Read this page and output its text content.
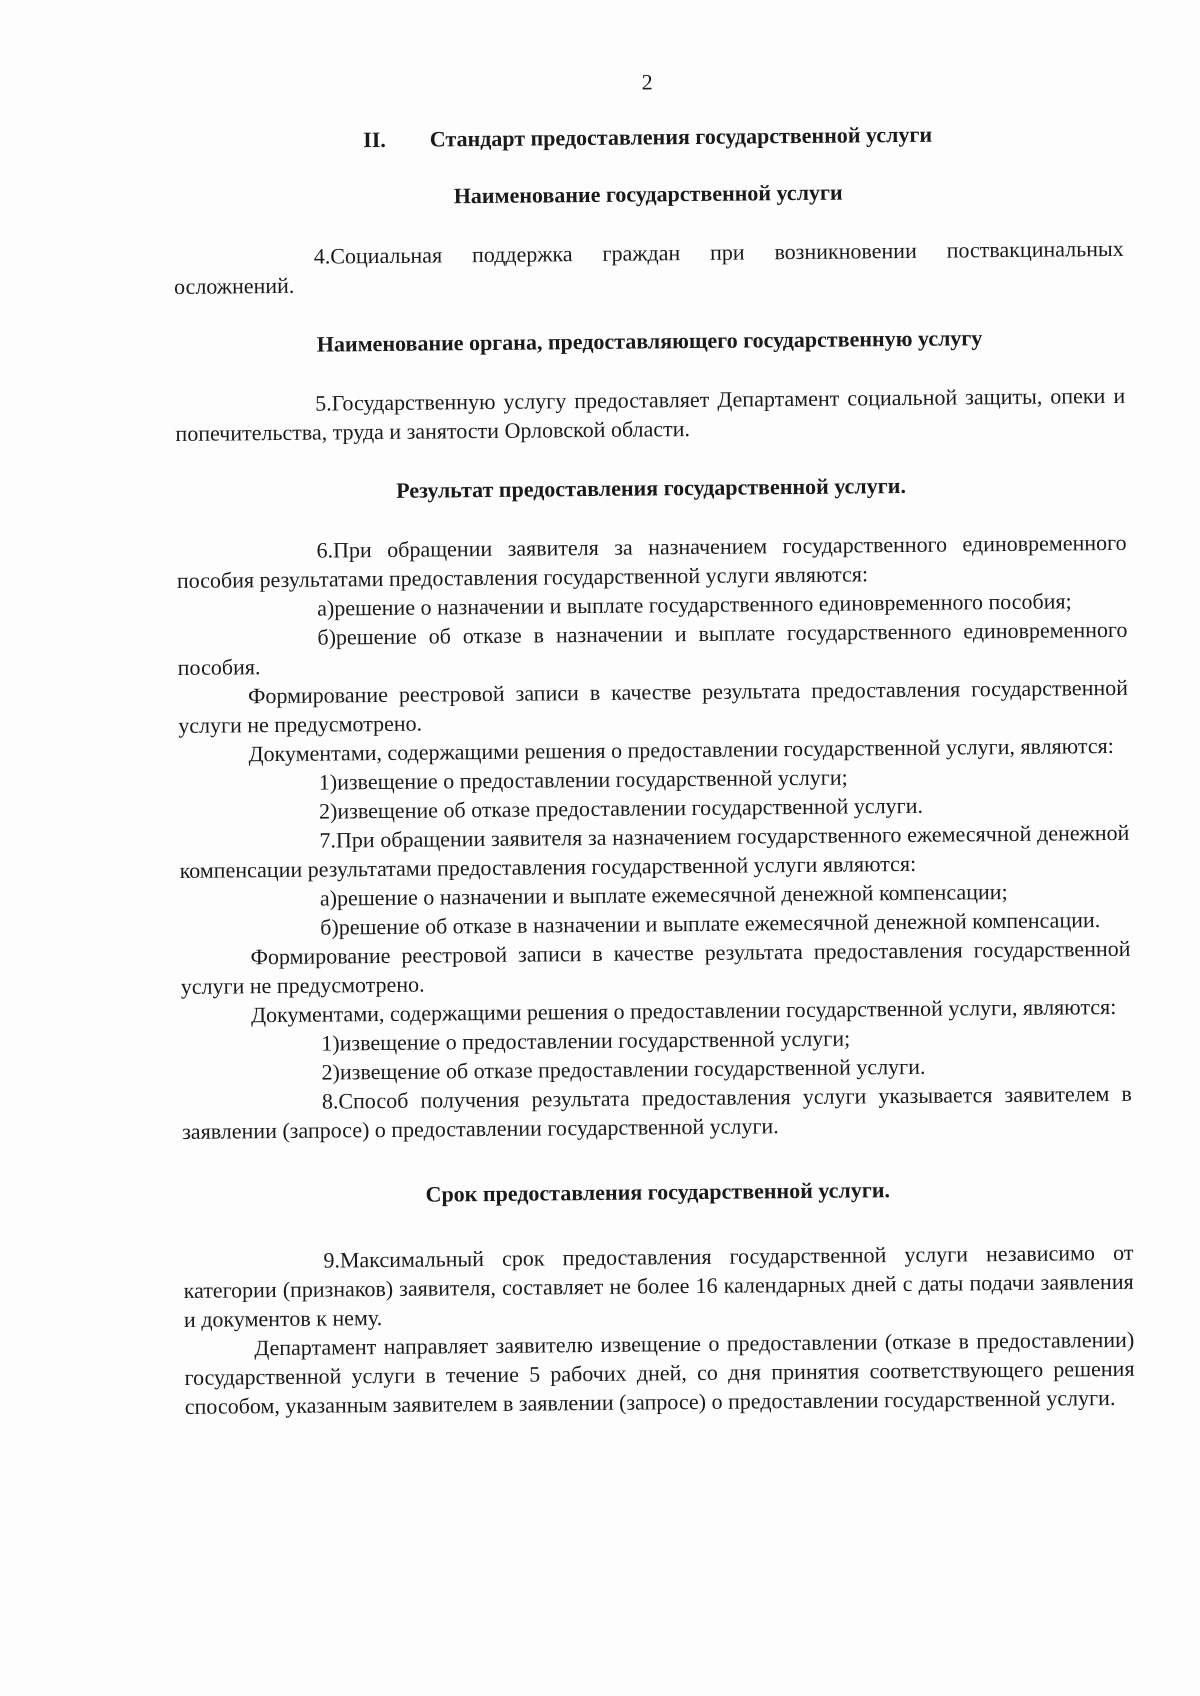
2
II. Стандарт предоставления государственной услуги
Наименование государственной услуги

4.Социальная поддержка граждан при возникновении поствакцинальных осложнений.

Наименование органа, предоставляющего государственную услугу

5.Государственную услугу предоставляет Департамент социальной защиты, опеки и попечительства, труда и занятости Орловской области.

Результат предоставления государственной услуги.

6.При обращении заявителя за назначением государственного единовременного пособия результатами предоставления государственной услуги являются:

а)решение о назначении и выплате государственного единовременного пособия;

б)решение об отказе в назначении и выплате государственного единовременного пособия.

Формирование реестровой записи в качестве результата предоставления государственной услуги не предусмотрено.

Документами, содержащими решения о предоставлении государственной услуги, являются:

1)извещение о предоставлении государственной услуги;

2)извещение об отказе предоставлении государственной услуги.

7.При обращении заявителя за назначением государственного ежемесячной денежной компенсации результатами предоставления государственной услуги являются:

а)решение о назначении и выплате ежемесячной денежной компенсации;

б)решение об отказе в назначении и выплате ежемесячной денежной компенсации.

Формирование реестровой записи в качестве результата предоставления государственной услуги не предусмотрено.

Документами, содержащими решения о предоставлении государственной услуги, являются:

1)извещение о предоставлении государственной услуги;

2)извещение об отказе предоставлении государственной услуги.

8.Способ получения результата предоставления услуги указывается заявителем в заявлении (запросе) о предоставлении государственной услуги.

Срок предоставления государственной услуги.

9.Максимальный срок предоставления государственной услуги независимо от категории (признаков) заявителя, составляет не более 16 календарных дней с даты подачи заявления и документов к нему.

Департамент направляет заявителю извещение о предоставлении (отказе в предоставлении) государственной услуги в течение 5 рабочих дней, со дня принятия соответствующего решения способом, указанным заявителем в заявлении (запросе) о предоставлении государственной услуги.
